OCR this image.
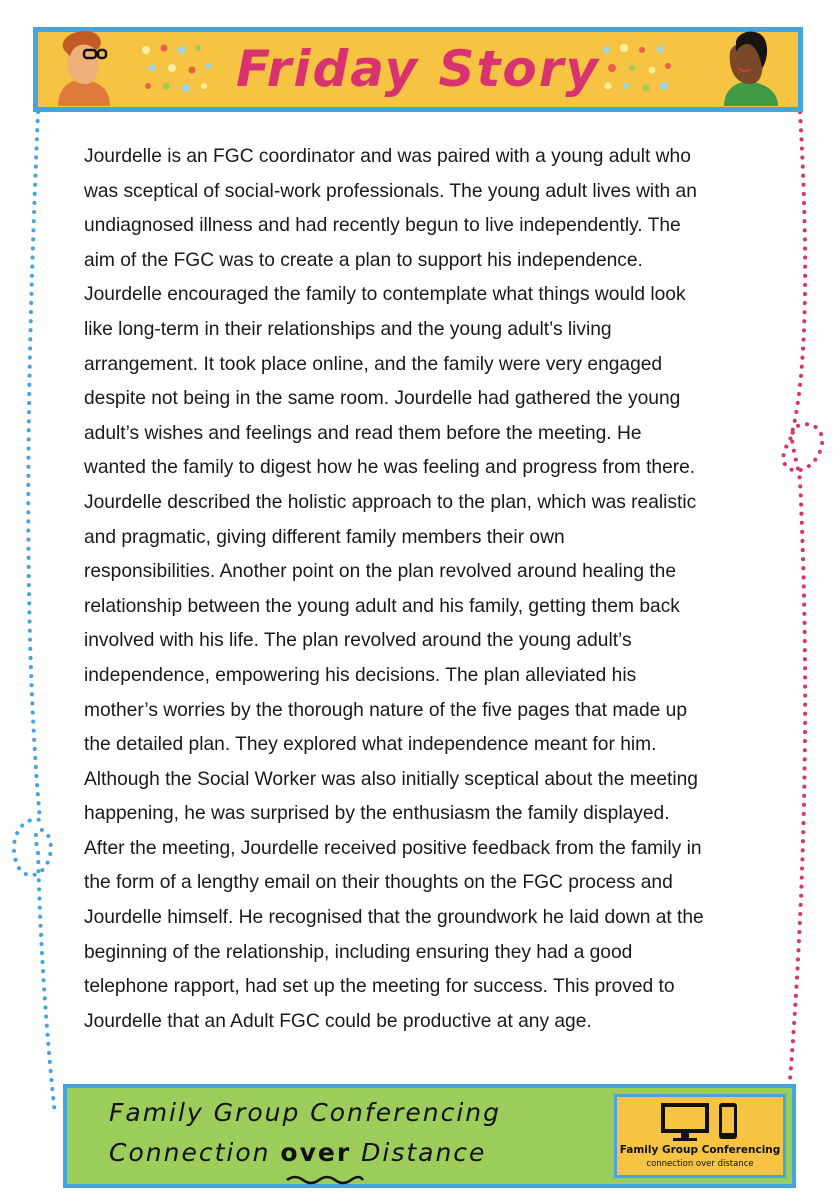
Friday Story
Jourdelle is an FGC coordinator and was paired with a young adult who
was sceptical of social-work professionals. The young adult lives with an
undiagnosed illness and had recently begun to live independently. The
aim of the FGC was to create a plan to support his independence.
Jourdelle encouraged the family to contemplate what things would look
like long-term in their relationships and the young adult’s living
arrangement. It took place online, and the family were very engaged
despite not being in the same room. Jourdelle had gathered the young
adult’s wishes and feelings and read them before the meeting. He
wanted the family to digest how he was feeling and progress from there.
Jourdelle described the holistic approach to the plan, which was realistic
and pragmatic, giving different family members their own
responsibilities. Another point on the plan revolved around healing the
relationship between the young adult and his family, getting them back
involved with his life. The plan revolved around the young adult’s
independence, empowering his decisions. The plan alleviated his
mother’s worries by the thorough nature of the five pages that made up
the detailed plan. They explored what independence meant for him.
Although the Social Worker was also initially sceptical about the meeting
happening, he was surprised by the enthusiasm the family displayed.
After the meeting, Jourdelle received positive feedback from the family in
the form of a lengthy email on their thoughts on the FGC process and
Jourdelle himself. He recognised that the groundwork he laid down at the
beginning of the relationship, including ensuring they had a good
telephone rapport, had set up the meeting for success. This proved to
Jourdelle that an Adult FGC could be productive at any age.
Family Group Conferencing
Connection over Distance	Family Group Conferencing
connection over distance
